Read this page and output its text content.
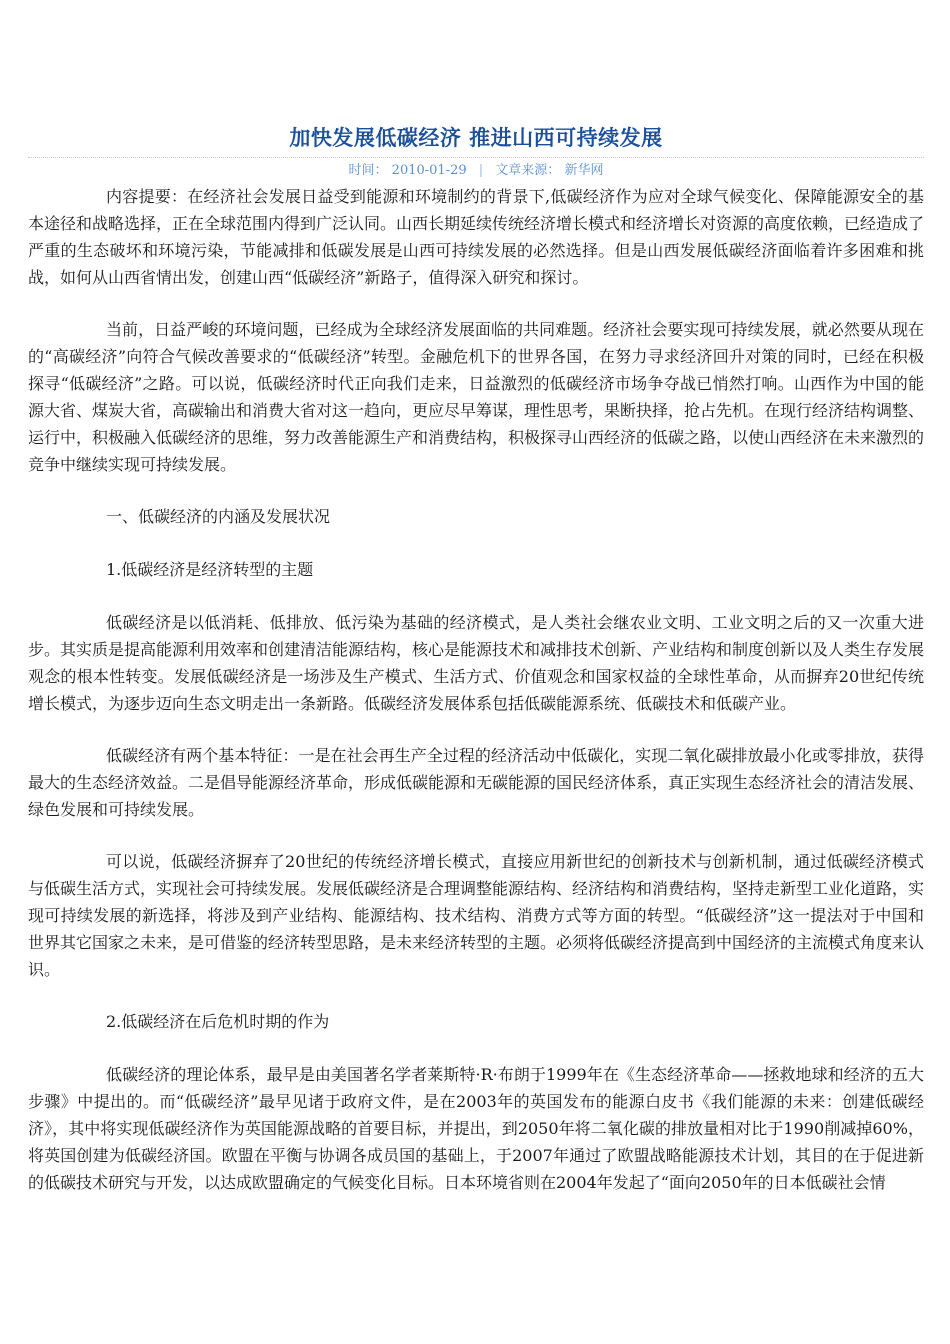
加快发展低碳经济 推进山西可持续发展
时间： 2010-01-29 | 文章来源： 新华网

内容提要：在经济社会发展日益受到能源和环境制约的背景下,低碳经济作为应对全球气候变化、保障能源安全的基本途径和战略选择，正在全球范围内得到广泛认同。山西长期延续传统经济增长模式和经济增长对资源的高度依赖，已经造成了严重的生态破坏和环境污染，节能减排和低碳发展是山西可持续发展的必然选择。但是山西发展低碳经济面临着许多困难和挑战，如何从山西省情出发，创建山西“低碳经济”新路子，值得深入研究和探讨。

当前，日益严峻的环境问题，已经成为全球经济发展面临的共同难题。经济社会要实现可持续发展，就必然要从现在的“高碳经济”向符合气候改善要求的“低碳经济”转型。金融危机下的世界各国，在努力寻求经济回升对策的同时，已经在积极探寻“低碳经济”之路。可以说，低碳经济时代正向我们走来，日益激烈的低碳经济市场争夺战已悄然打响。山西作为中国的能源大省、煤炭大省，高碳输出和消费大省对这一趋向，更应尽早筹谋，理性思考，果断抉择，抢占先机。在现行经济结构调整、运行中，积极融入低碳经济的思维，努力改善能源生产和消费结构，积极探寻山西经济的低碳之路，以使山西经济在未来激烈的竞争中继续实现可持续发展。

一、低碳经济的内涵及发展状况

1.低碳经济是经济转型的主题

低碳经济是以低消耗、低排放、低污染为基础的经济模式，是人类社会继农业文明、工业文明之后的又一次重大进步。其实质是提高能源利用效率和创建清洁能源结构，核心是能源技术和减排技术创新、产业结构和制度创新以及人类生存发展观念的根本性转变。发展低碳经济是一场涉及生产模式、生活方式、价值观念和国家权益的全球性革命，从而摒弃20世纪传统增长模式，为逐步迈向生态文明走出一条新路。低碳经济发展体系包括低碳能源系统、低碳技术和低碳产业。

低碳经济有两个基本特征：一是在社会再生产全过程的经济活动中低碳化，实现二氧化碳排放最小化或零排放，获得最大的生态经济效益。二是倡导能源经济革命，形成低碳能源和无碳能源的国民经济体系，真正实现生态经济社会的清洁发展、绿色发展和可持续发展。

可以说，低碳经济摒弃了20世纪的传统经济增长模式，直接应用新世纪的创新技术与创新机制，通过低碳经济模式与低碳生活方式，实现社会可持续发展。发展低碳经济是合理调整能源结构、经济结构和消费结构，坚持走新型工业化道路，实现可持续发展的新选择，将涉及到产业结构、能源结构、技术结构、消费方式等方面的转型。“低碳经济”这一提法对于中国和世界其它国家之未来，是可借鉴的经济转型思路，是未来经济转型的主题。必须将低碳经济提高到中国经济的主流模式角度来认识。

2.低碳经济在后危机时期的作为

低碳经济的理论体系，最早是由美国著名学者莱斯特·R·布朗于1999年在《生态经济革命——拯救地球和经济的五大步骤》中提出的。而“低碳经济”最早见诸于政府文件，是在2003年的英国发布的能源白皮书《我们能源的未来：创建低碳经济》，其中将实现低碳经济作为英国能源战略的首要目标，并提出，到2050年将二氧化碳的排放量相对比于1990削减掉60%，将英国创建为低碳经济国。欧盟在平衡与协调各成员国的基础上，于2007年通过了欧盟战略能源技术计划，其目的在于促进新的低碳技术研究与开发，以达成欧盟确定的气候变化目标。日本环境省则在2004年发起了“面向2050年的日本低碳社会情
